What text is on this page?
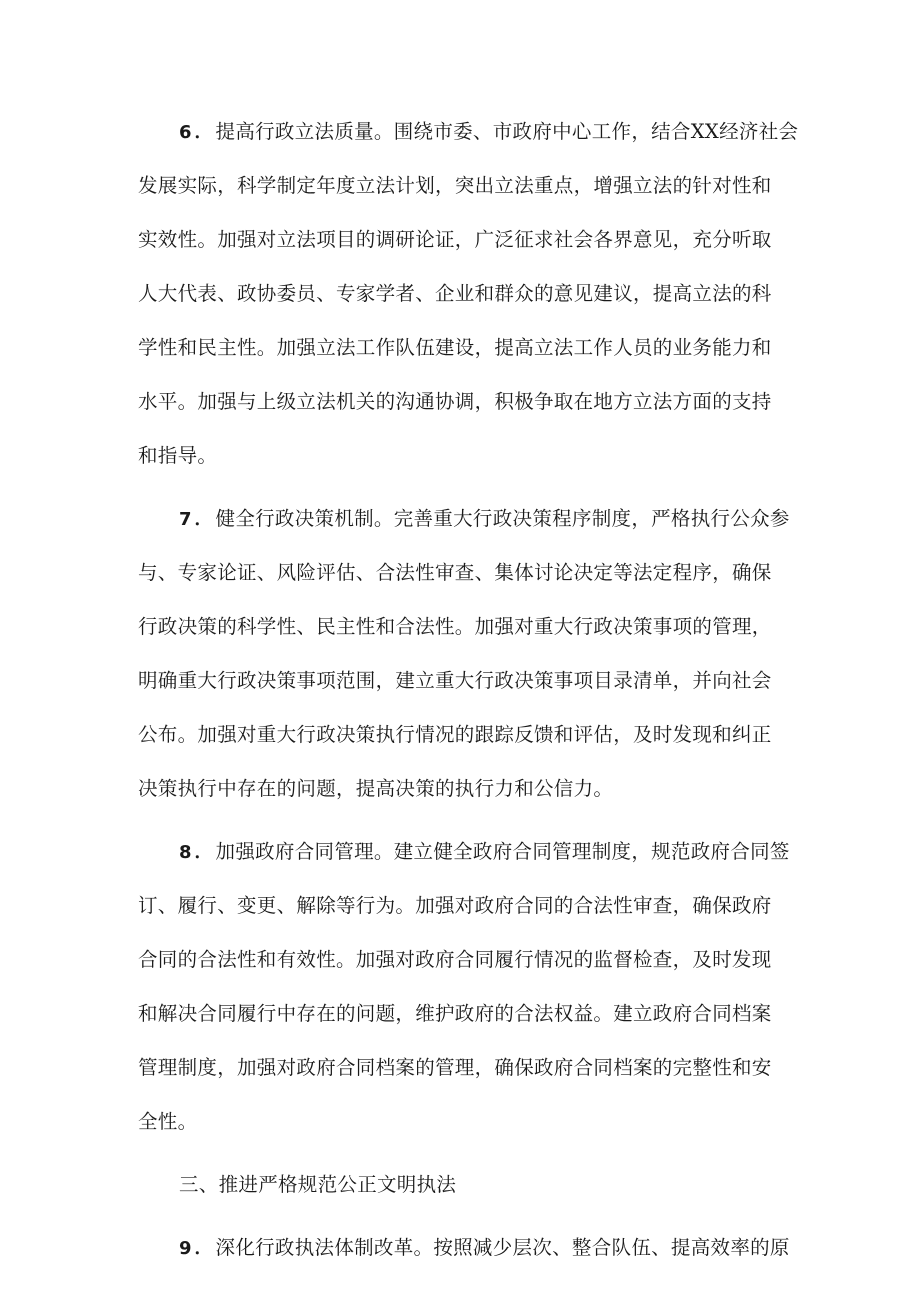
6．提高行政立法质量。围绕市委、市政府中心工作，结合XX经济社会
发展实际，科学制定年度立法计划，突出立法重点，增强立法的针对性和
实效性。加强对立法项目的调研论证，广泛征求社会各界意见，充分听取
人大代表、政协委员、专家学者、企业和群众的意见建议，提高立法的科
学性和民主性。加强立法工作队伍建设，提高立法工作人员的业务能力和
水平。加强与上级立法机关的沟通协调，积极争取在地方立法方面的支持
和指导。
7．健全行政决策机制。完善重大行政决策程序制度，严格执行公众参
与、专家论证、风险评估、合法性审查、集体讨论决定等法定程序，确保
行政决策的科学性、民主性和合法性。加强对重大行政决策事项的管理，
明确重大行政决策事项范围，建立重大行政决策事项目录清单，并向社会
公布。加强对重大行政决策执行情况的跟踪反馈和评估，及时发现和纠正
决策执行中存在的问题，提高决策的执行力和公信力。
8．加强政府合同管理。建立健全政府合同管理制度，规范政府合同签
订、履行、变更、解除等行为。加强对政府合同的合法性审查，确保政府
合同的合法性和有效性。加强对政府合同履行情况的监督检查，及时发现
和解决合同履行中存在的问题，维护政府的合法权益。建立政府合同档案
管理制度，加强对政府合同档案的管理，确保政府合同档案的完整性和安
全性。
三、推进严格规范公正文明执法
9．深化行政执法体制改革。按照减少层次、整合队伍、提高效率的原
